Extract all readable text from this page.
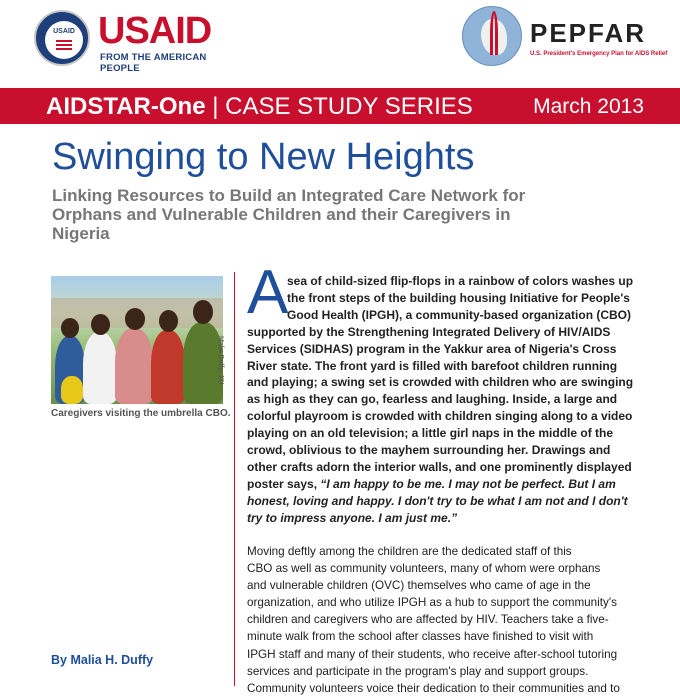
USAID USAID
FROM THE AMERICAN PEOPLE
PEPFAR
U.S. President's Emergency Plan for AIDS Relief
AIDSTAR-One | CASE STUDY SERIES	March 2013
Swinging to New Heights
Linking Resources to Build an Integrated Care Network for Orphans and Vulnerable Children and their Caregivers in Nigeria
Malia Duffy, JSI
Caregivers visiting the umbrella CBO.
By Malia H. Duffy
A
sea of child-sized flip-flops in a rainbow of colors washes up
the front steps of the building housing Initiative for People's
Good Health (IPGH), a community-based organization (CBO)
supported by the Strengthening Integrated Delivery of HIV/AIDS
Services (SIDHAS) program in the Yakkur area of Nigeria's Cross
River state. The front yard is filled with barefoot children running
and playing; a swing set is crowded with children who are swinging
as high as they can go, fearless and laughing. Inside, a large and
colorful playroom is crowded with children singing along to a video
playing on an old television; a little girl naps in the middle of the
crowd, oblivious to the mayhem surrounding her. Drawings and
other crafts adorn the interior walls, and one prominently displayed
poster says, “I am happy to be me. I may not be perfect. But I am
honest, loving and happy. I don't try to be what I am not and I don't
try to impress anyone. I am just me.”
Moving deftly among the children are the dedicated staff of this
CBO as well as community volunteers, many of whom were orphans
and vulnerable children (OVC) themselves who came of age in the
organization, and who utilize IPGH as a hub to support the community's
children and caregivers who are affected by HIV. Teachers take a five-
minute walk from the school after classes have finished to visit with
IPGH staff and many of their students, who receive after-school tutoring
services and participate in the program's play and support groups.
Community volunteers voice their dedication to their communities and to
